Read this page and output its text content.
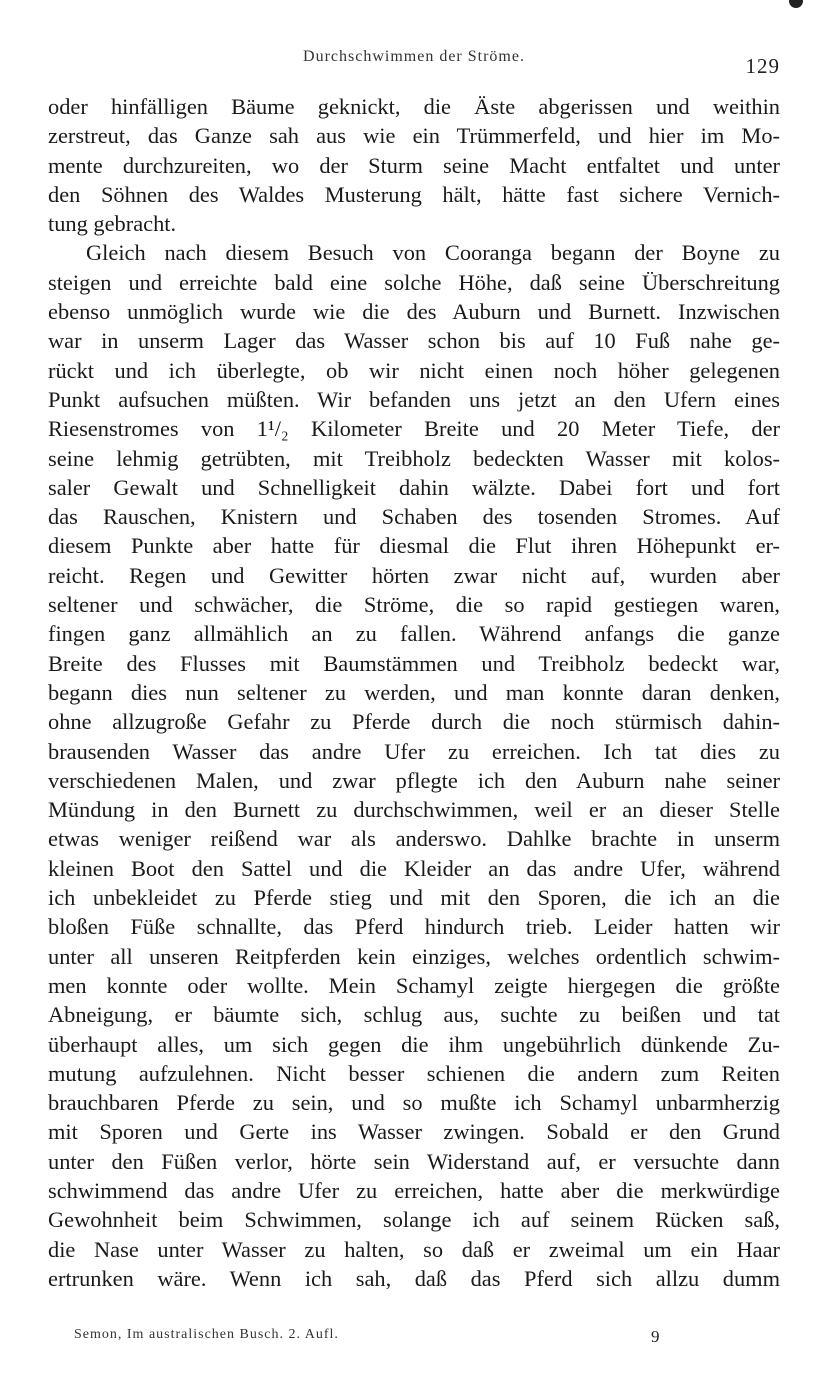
Durchschwimmen der Ströme.	129
oder hinfälligen Bäume geknickt, die Äste abgerissen und weithin
zerstreut, das Ganze sah aus wie ein Trümmerfeld, und hier im Mo-
mente durchzureiten, wo der Sturm seine Macht entfaltet und unter
den Söhnen des Waldes Musterung hält, hätte fast sichere Vernich-
tung gebracht.
Gleich nach diesem Besuch von Cooranga begann der Boyne zu
steigen und erreichte bald eine solche Höhe, daß seine Überschreitung
ebenso unmöglich wurde wie die des Auburn und Burnett. Inzwischen
war in unserm Lager das Wasser schon bis auf 10 Fuß nahe ge-
rückt und ich überlegte, ob wir nicht einen noch höher gelegenen
Punkt aufsuchen müßten. Wir befanden uns jetzt an den Ufern eines
Riesenstromes von 1¹/₂ Kilometer Breite und 20 Meter Tiefe, der
seine lehmig getrübten, mit Treibholz bedeckten Wasser mit kolos-
saler Gewalt und Schnelligkeit dahin wälzte. Dabei fort und fort
das Rauschen, Knistern und Schaben des tosenden Stromes. Auf
diesem Punkte aber hatte für diesmal die Flut ihren Höhepunkt er-
reicht. Regen und Gewitter hörten zwar nicht auf, wurden aber
seltener und schwächer, die Ströme, die so rapid gestiegen waren,
fingen ganz allmählich an zu fallen. Während anfangs die ganze
Breite des Flusses mit Baumstämmen und Treibholz bedeckt war,
begann dies nun seltener zu werden, und man konnte daran denken,
ohne allzugroße Gefahr zu Pferde durch die noch stürmisch dahin-
brausenden Wasser das andre Ufer zu erreichen. Ich tat dies zu
verschiedenen Malen, und zwar pflegte ich den Auburn nahe seiner
Mündung in den Burnett zu durchschwimmen, weil er an dieser Stelle
etwas weniger reißend war als anderswo. Dahlke brachte in unserm
kleinen Boot den Sattel und die Kleider an das andre Ufer, während
ich unbekleidet zu Pferde stieg und mit den Sporen, die ich an die
bloßen Füße schnallte, das Pferd hindurch trieb. Leider hatten wir
unter all unseren Reitpferden kein einziges, welches ordentlich schwim-
men konnte oder wollte. Mein Schamyl zeigte hiergegen die größte
Abneigung, er bäumte sich, schlug aus, suchte zu beißen und tat
überhaupt alles, um sich gegen die ihm ungebührlich dünkende Zu-
mutung aufzulehnen. Nicht besser schienen die andern zum Reiten
brauchbaren Pferde zu sein, und so mußte ich Schamyl unbarmherzig
mit Sporen und Gerte ins Wasser zwingen. Sobald er den Grund
unter den Füßen verlor, hörte sein Widerstand auf, er versuchte dann
schwimmend das andre Ufer zu erreichen, hatte aber die merkwürdige
Gewohnheit beim Schwimmen, solange ich auf seinem Rücken saß,
die Nase unter Wasser zu halten, so daß er zweimal um ein Haar
ertrunken wäre. Wenn ich sah, daß das Pferd sich allzu dumm
Semon, Im australischen Busch. 2. Aufl.	9
